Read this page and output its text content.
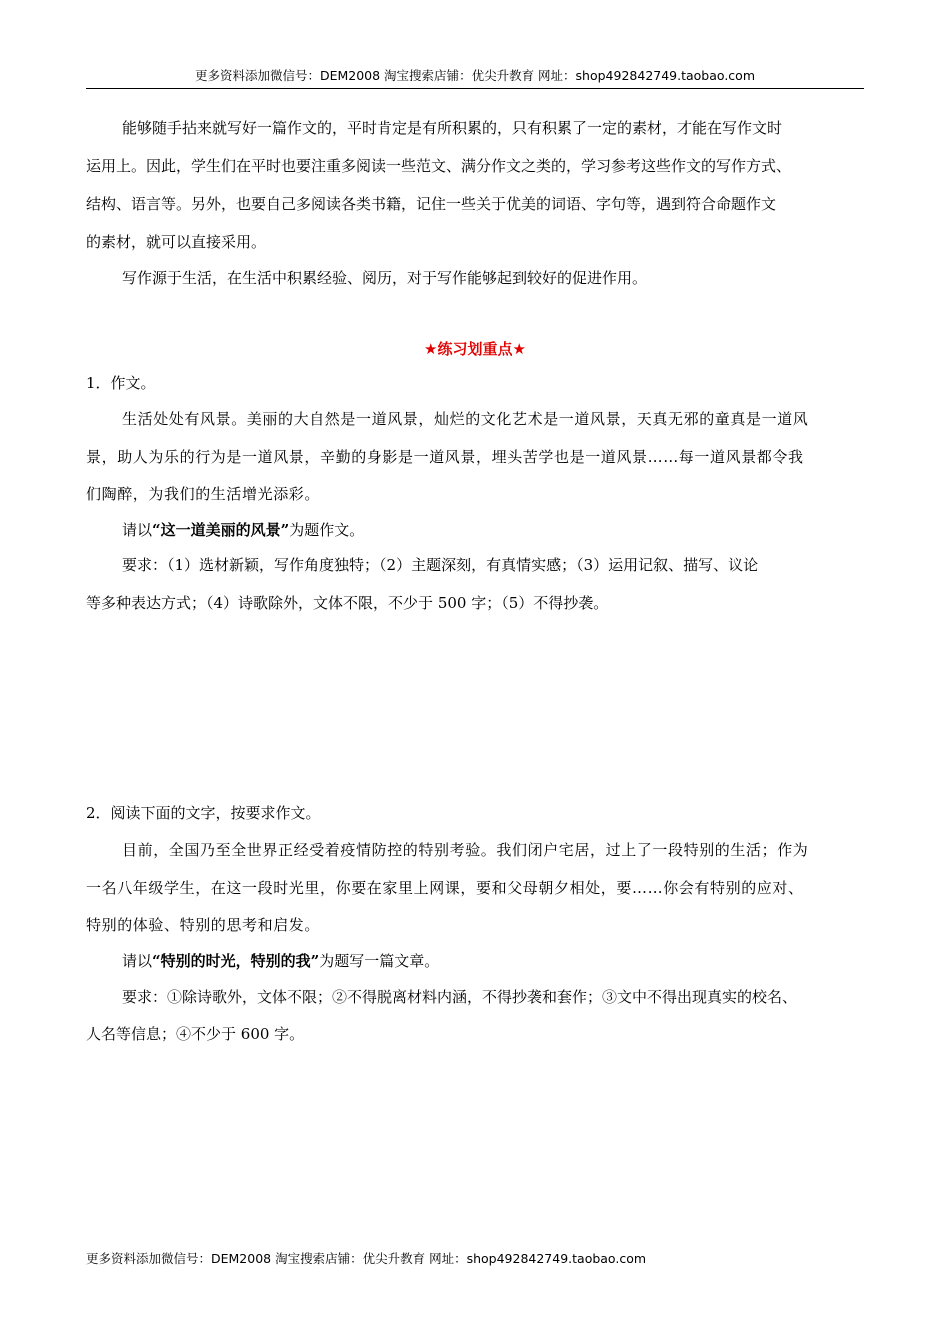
更多资料添加微信号：DEM2008 淘宝搜索店铺：优尖升教育 网址：shop492842749.taobao.com
能够随手拈来就写好一篇作文的，平时肯定是有所积累的，只有积累了一定的素材，才能在写作文时
运用上。因此，学生们在平时也要注重多阅读一些范文、满分作文之类的，学习参考这些作文的写作方式、
结构、语言等。另外，也要自己多阅读各类书籍，记住一些关于优美的词语、字句等，遇到符合命题作文
的素材，就可以直接采用。
写作源于生活，在生活中积累经验、阅历，对于写作能够起到较好的促进作用。
★练习划重点★
1．作文。
生活处处有风景。美丽的大自然是一道风景，灿烂的文化艺术是一道风景，天真无邪的童真是一道风
景，助人为乐的行为是一道风景，辛勤的身影是一道风景，埋头苦学也是一道风景……每一道风景都令我
们陶醉，为我们的生活增光添彩。
请以“这一道美丽的风景”为题作文。
要求：（1）选材新颖，写作角度独特；（2）主题深刻，有真情实感；（3）运用记叙、描写、议论
等多种表达方式；（4）诗歌除外，文体不限，不少于 500 字；（5）不得抄袭。
2．阅读下面的文字，按要求作文。
目前，全国乃至全世界正经受着疫情防控的特别考验。我们闭户宅居，过上了一段特别的生活；作为
一名八年级学生，在这一段时光里，你要在家里上网课，要和父母朝夕相处，要……你会有特别的应对、
特别的体验、特别的思考和启发。
请以“特别的时光，特别的我”为题写一篇文章。
要求：①除诗歌外，文体不限；②不得脱离材料内涵，不得抄袭和套作；③文中不得出现真实的校名、
人名等信息；④不少于 600 字。
更多资料添加微信号：DEM2008 淘宝搜索店铺：优尖升教育 网址：shop492842749.taobao.com
